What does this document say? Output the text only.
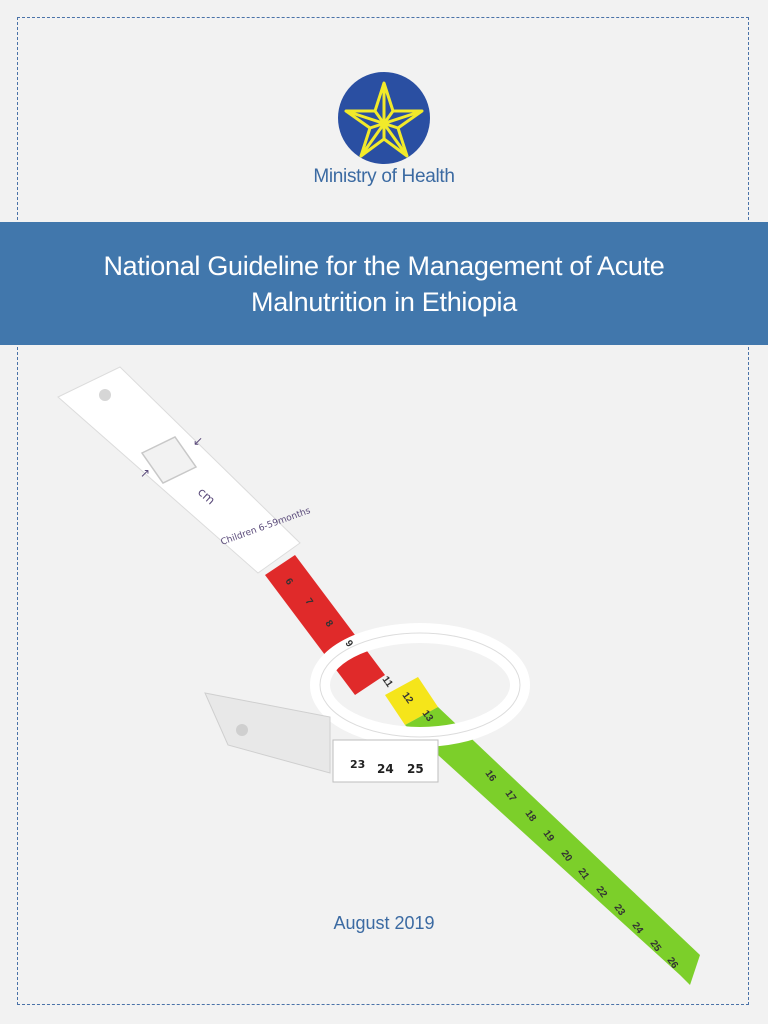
Ministry of Health
National Guideline for the Management of Acute Malnutrition in Ethiopia
cm
Children 6-59months
↗
↙
23 24 25
6
7
8
9
11
12
13
16
17
18
19
20
21
22
23
24
25
26
August 2019
